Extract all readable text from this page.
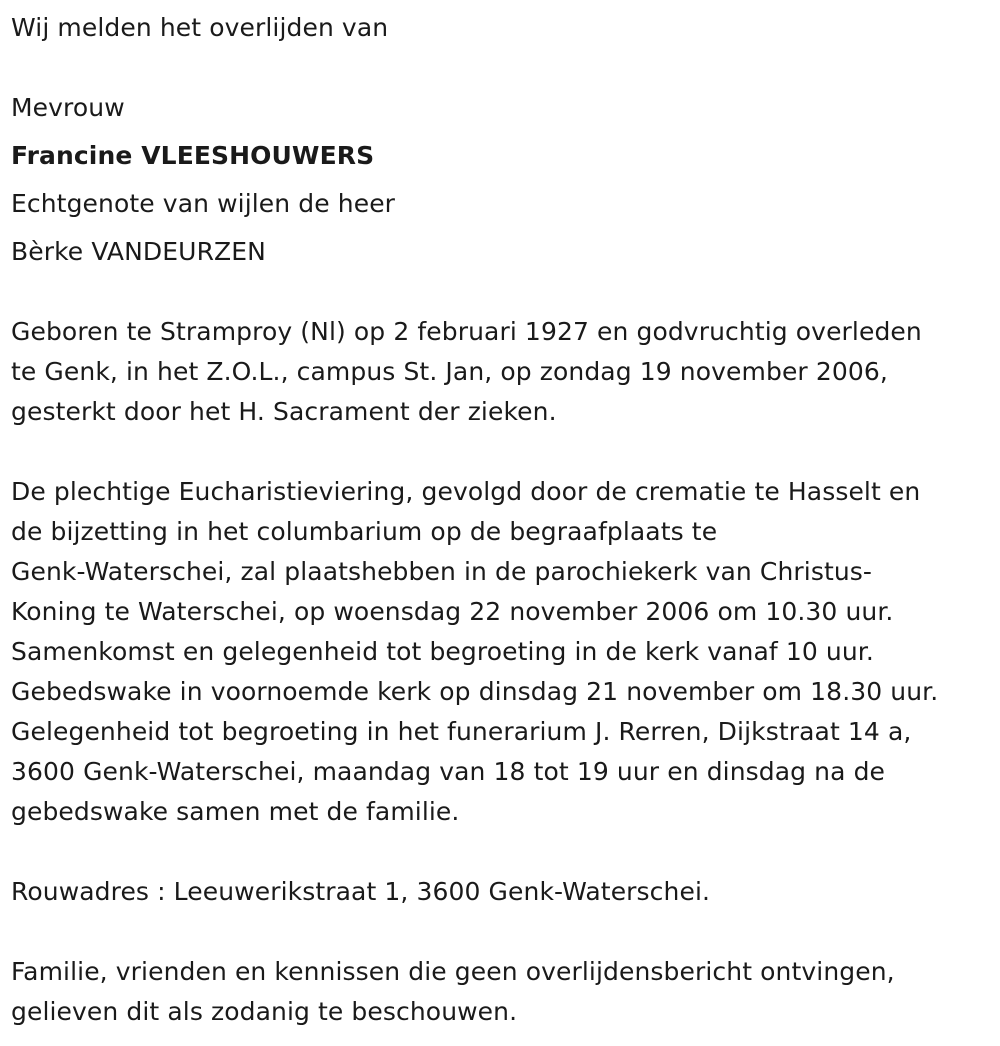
Wij melden het overlijden van
Mevrouw
Francine VLEESHOUWERS
Echtgenote van wijlen de heer
Bèrke VANDEURZEN
Geboren te Stramproy (Nl) op 2 februari 1927 en godvruchtig overleden
te Genk, in het Z.O.L., campus St. Jan, op zondag 19 november 2006,
gesterkt door het H. Sacrament der zieken.
De plechtige Eucharistieviering, gevolgd door de crematie te Hasselt en
de bijzetting in het columbarium op de begraafplaats te
Genk-Waterschei, zal plaatshebben in de parochiekerk van Christus-
Koning te Waterschei, op woensdag 22 november 2006 om 10.30 uur.
Samenkomst en gelegenheid tot begroeting in de kerk vanaf 10 uur.
Gebedswake in voornoemde kerk op dinsdag 21 november om 18.30 uur.
Gelegenheid tot begroeting in het funerarium J. Rerren, Dijkstraat 14 a,
3600 Genk-Waterschei, maandag van 18 tot 19 uur en dinsdag na de
gebedswake samen met de familie.
Rouwadres : Leeuwerikstraat 1, 3600 Genk-Waterschei.
Familie, vrienden en kennissen die geen overlijdensbericht ontvingen,
gelieven dit als zodanig te beschouwen.
